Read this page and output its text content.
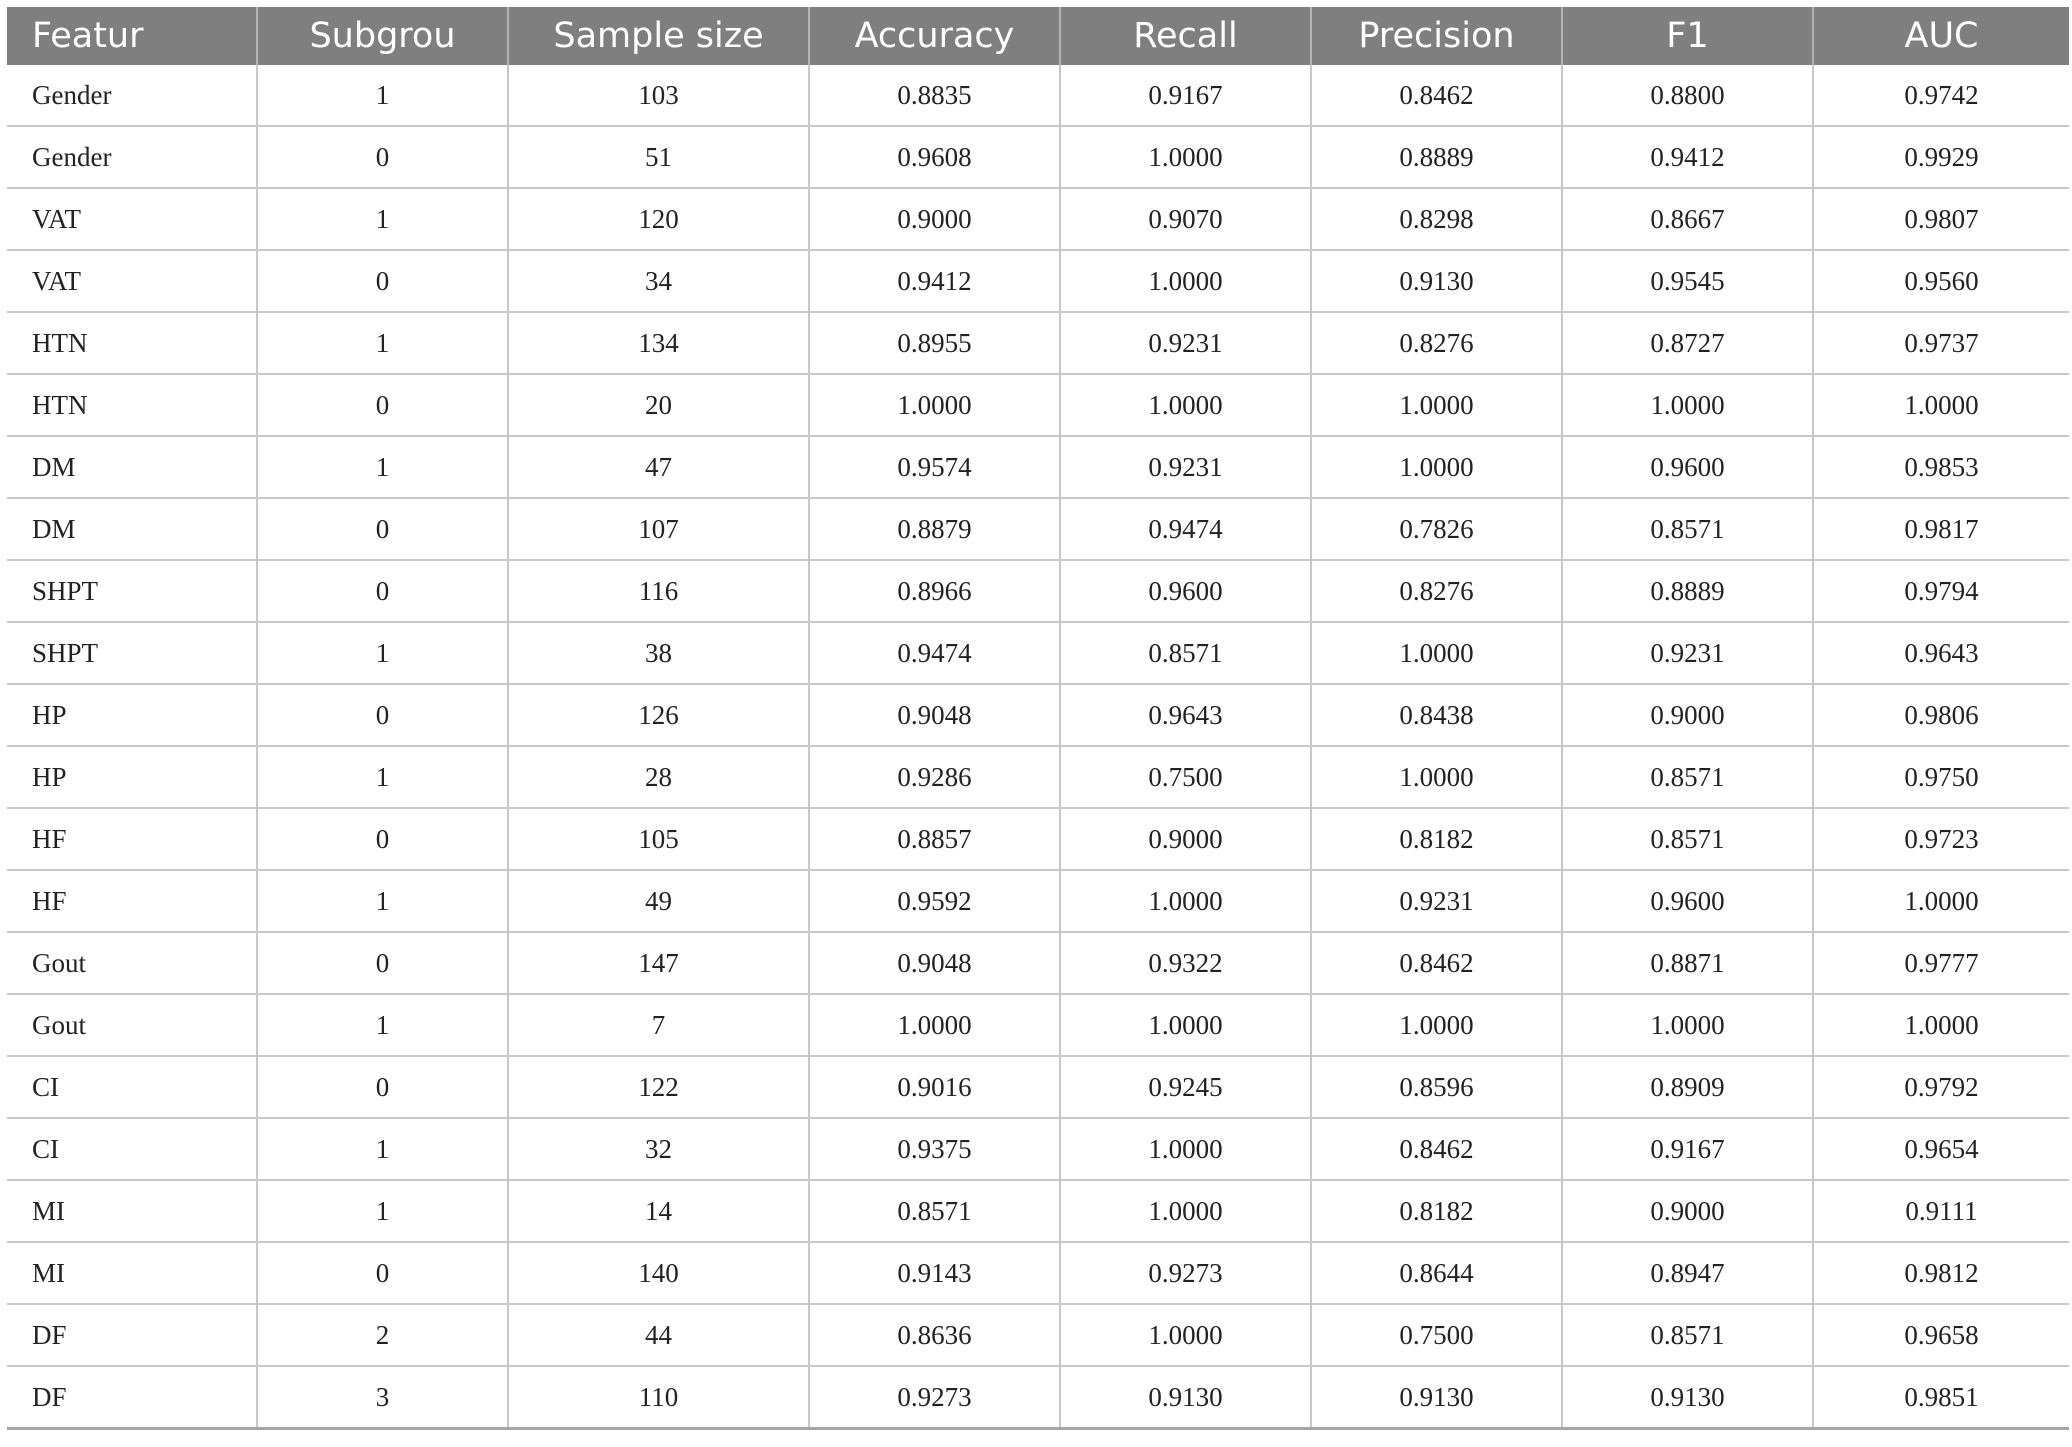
Featur	Subgrou	Sample size	Accuracy	Recall	Precision	F1	AUC
Gender	1	103	0.8835	0.9167	0.8462	0.8800	0.9742
Gender	0	51	0.9608	1.0000	0.8889	0.9412	0.9929
VAT	1	120	0.9000	0.9070	0.8298	0.8667	0.9807
VAT	0	34	0.9412	1.0000	0.9130	0.9545	0.9560
HTN	1	134	0.8955	0.9231	0.8276	0.8727	0.9737
HTN	0	20	1.0000	1.0000	1.0000	1.0000	1.0000
DM	1	47	0.9574	0.9231	1.0000	0.9600	0.9853
DM	0	107	0.8879	0.9474	0.7826	0.8571	0.9817
SHPT	0	116	0.8966	0.9600	0.8276	0.8889	0.9794
SHPT	1	38	0.9474	0.8571	1.0000	0.9231	0.9643
HP	0	126	0.9048	0.9643	0.8438	0.9000	0.9806
HP	1	28	0.9286	0.7500	1.0000	0.8571	0.9750
HF	0	105	0.8857	0.9000	0.8182	0.8571	0.9723
HF	1	49	0.9592	1.0000	0.9231	0.9600	1.0000
Gout	0	147	0.9048	0.9322	0.8462	0.8871	0.9777
Gout	1	7	1.0000	1.0000	1.0000	1.0000	1.0000
CI	0	122	0.9016	0.9245	0.8596	0.8909	0.9792
CI	1	32	0.9375	1.0000	0.8462	0.9167	0.9654
MI	1	14	0.8571	1.0000	0.8182	0.9000	0.9111
MI	0	140	0.9143	0.9273	0.8644	0.8947	0.9812
DF	2	44	0.8636	1.0000	0.7500	0.8571	0.9658
DF	3	110	0.9273	0.9130	0.9130	0.9130	0.9851
